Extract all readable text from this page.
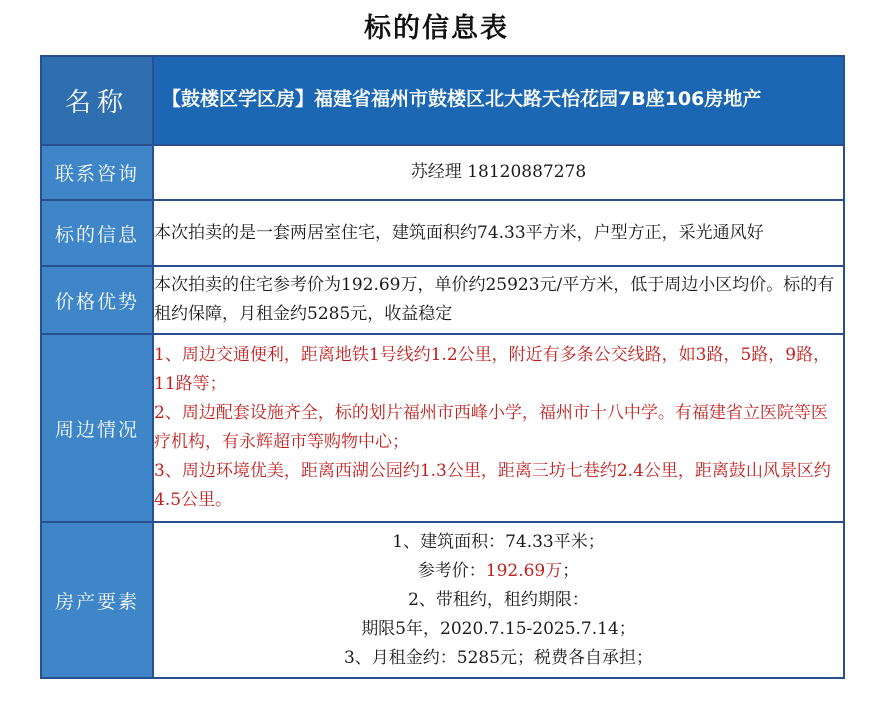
标的信息表
名称	【鼓楼区学区房】福建省福州市鼓楼区北大路天怡花园7B座106房地产
联系咨询	苏经理 18120887278
标的信息	本次拍卖的是一套两居室住宅，建筑面积约74.33平方米，户型方正，采光通风好
价格优势	本次拍卖的住宅参考价为192.69万，单价约25923元/平方米，低于周边小区均价。标的有租约保障，月租金约5285元，收益稳定
周边情况	1、周边交通便利，距离地铁1号线约1.2公里，附近有多条公交线路，如3路，5路，9路，11路等；
2、周边配套设施齐全，标的划片福州市西峰小学，福州市十八中学。有福建省立医院等医疗机构，有永辉超市等购物中心；
3、周边环境优美，距离西湖公园约1.3公里，距离三坊七巷约2.4公里，距离鼓山风景区约4.5公里。

房产要素	1、建筑面积：74.33平米；
参考价：192.69万；
2、带租约，租约期限：
期限5年，2020.7.15-2025.7.14；
3、月租金约：5285元；税费各自承担；
